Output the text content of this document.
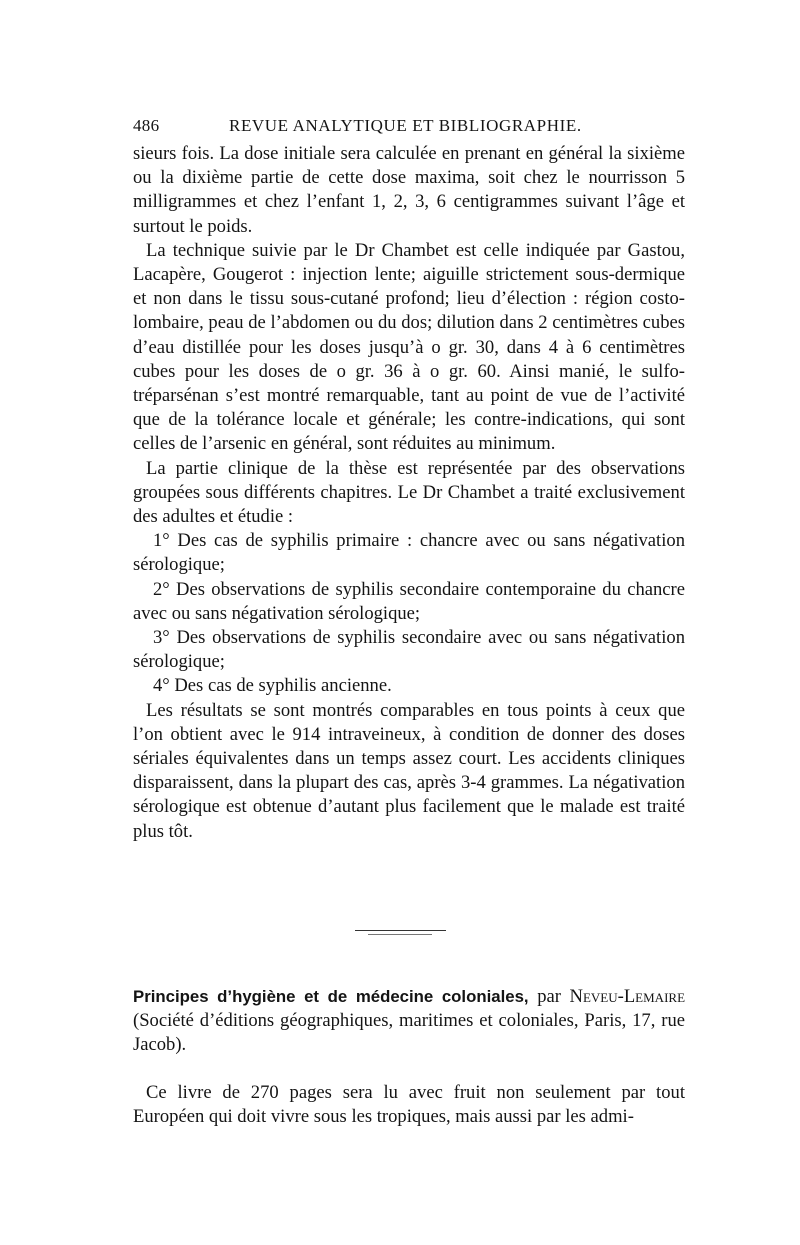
486	REVUE ANALYTIQUE ET BIBLIOGRAPHIE.

sieurs fois. La dose initiale sera calculée en prenant en général la sixième ou la dixième partie de cette dose maxima, soit chez le nourrisson 5 milligrammes et chez l’enfant 1, 2, 3, 6 centigrammes suivant l’âge et surtout le poids.

La technique suivie par le Dr Chambet est celle indiquée par Gastou, Lacapère, Gougerot : injection lente; aiguille strictement sous-dermique et non dans le tissu sous-cutané profond; lieu d’élection : région costo-lombaire, peau de l’abdomen ou du dos; dilution dans 2 centimètres cubes d’eau distillée pour les doses jusqu’à o gr. 30, dans 4 à 6 centimètres cubes pour les doses de o gr. 36 à o gr. 60. Ainsi manié, le sulfo-tréparsénan s’est montré remarquable, tant au point de vue de l’activité que de la tolérance locale et générale; les contre-indications, qui sont celles de l’arsenic en général, sont réduites au minimum.

La partie clinique de la thèse est représentée par des observations groupées sous différents chapitres. Le Dr Chambet a traité exclusivement des adultes et étudie :

1° Des cas de syphilis primaire : chancre avec ou sans négativation sérologique;

2° Des observations de syphilis secondaire contemporaine du chancre avec ou sans négativation sérologique;

3° Des observations de syphilis secondaire avec ou sans négativation sérologique;

4° Des cas de syphilis ancienne.

Les résultats se sont montrés comparables en tous points à ceux que l’on obtient avec le 914 intraveineux, à condition de donner des doses sériales équivalentes dans un temps assez court. Les accidents cliniques disparaissent, dans la plupart des cas, après 3-4 grammes. La négativation sérologique est obtenue d’autant plus facilement que le malade est traité plus tôt.

Principes d’hygiène et de médecine coloniales, par Neveu-Lemaire (Société d’éditions géographiques, maritimes et coloniales, Paris, 17, rue Jacob).

Ce livre de 270 pages sera lu avec fruit non seulement par tout Européen qui doit vivre sous les tropiques, mais aussi par les admi-
